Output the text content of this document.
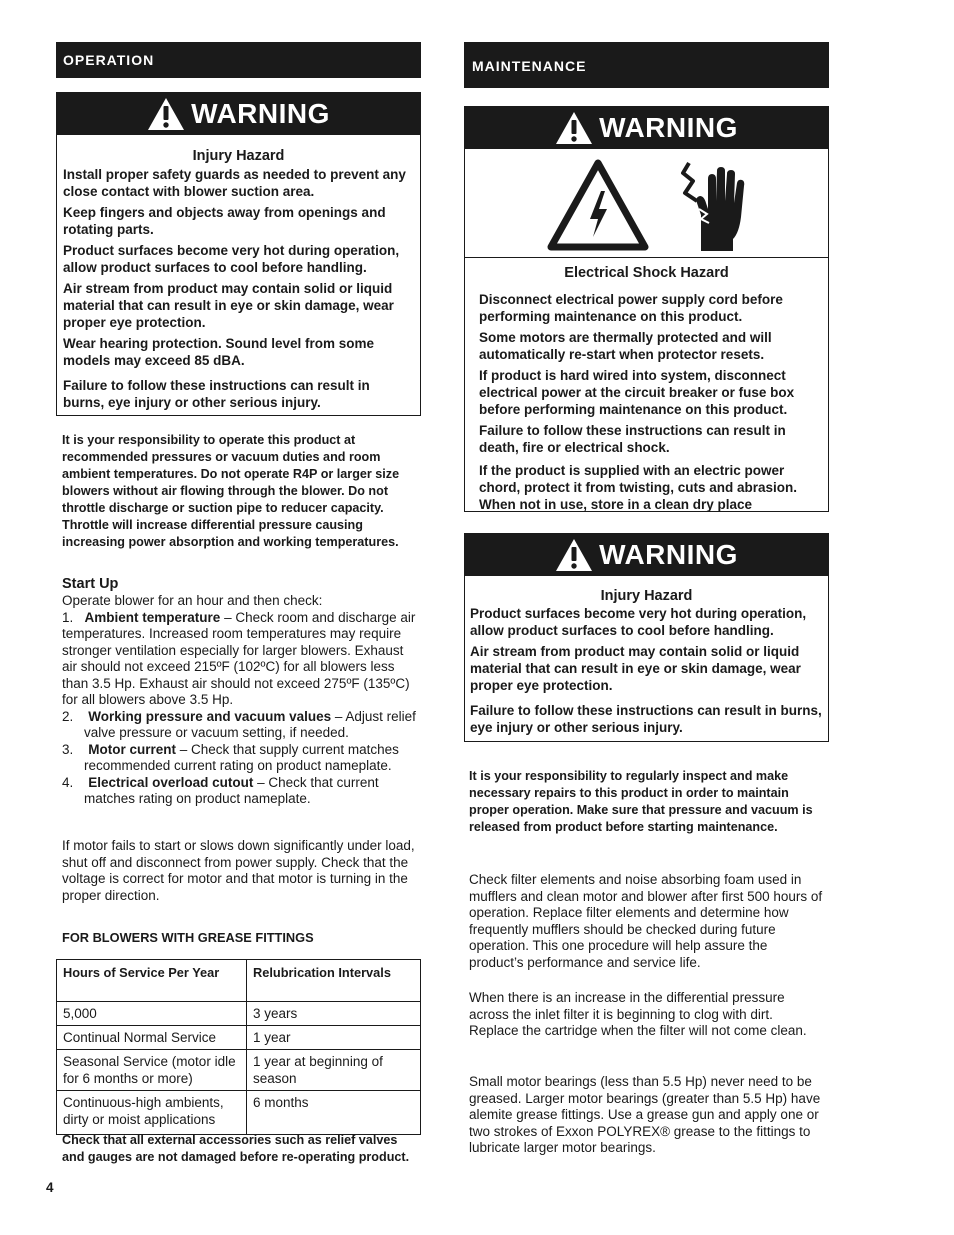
OPERATION
WARNING
Injury Hazard

Install proper safety guards as needed to prevent any close contact with blower suction area.

Keep fingers and objects away from openings and rotating parts.

Product surfaces become very hot during operation, allow product surfaces to cool before handling.

Air stream from product may contain solid or liquid material that can result in eye or skin damage, wear proper eye protection.

Wear hearing protection. Sound level from some models may exceed 85 dBA.

Failure to follow these instructions can result in burns, eye injury or other serious injury.

It is your responsibility to operate this product at recommended pressures or vacuum duties and room ambient temperatures. Do not operate R4P or larger size blowers without air flowing through the blower. Do not throttle discharge or suction pipe to reducer capacity. Throttle will increase differential pressure causing increasing power absorption and working temperatures.
Start Up
Operate blower for an hour and then check:
1. Ambient temperature – Check room and discharge air temperatures. Increased room temperatures may require stronger ventilation especially for larger blowers. Exhaust air should not exceed 215ºF (102ºC) for all blowers less than 3.5 Hp. Exhaust air should not exceed 275ºF (135ºC) for all blowers above 3.5 Hp.
2. Working pressure and vacuum values – Adjust relief valve pressure or vacuum setting, if needed.
3. Motor current – Check that supply current matches recommended current rating on product nameplate.
4. Electrical overload cutout – Check that current matches rating on product nameplate.
If motor fails to start or slows down significantly under load, shut off and disconnect from power supply. Check that the voltage is correct for motor and that motor is turning in the proper direction.
FOR BLOWERS WITH GREASE FITTINGS
Hours of Service Per Year	Relubrication Intervals
5,000	3 years
Continual Normal Service	1 year
Seasonal Service (motor idle for 6 months or more)	1 year at beginning of season
Continuous-high ambients, dirty or moist applications	6 months
Check that all external accessories such as relief valves and gauges are not damaged before re-operating product.
4
MAINTENANCE
WARNING
Electrical Shock Hazard

Disconnect electrical power supply cord before performing maintenance on this product.

Some motors are thermally protected and will automatically re-start when protector resets.

If product is hard wired into system, disconnect electrical power at the circuit breaker or fuse box before performing maintenance on this product.

Failure to follow these instructions can result in death, fire or electrical shock.

If the product is supplied with an electric power chord, protect it from twisting, cuts and abrasion. When not in use, store in a clean dry place

WARNING
Injury Hazard

Product surfaces become very hot during operation, allow product surfaces to cool before handling.

Air stream from product may contain solid or liquid material that can result in eye or skin damage, wear proper eye protection.

Failure to follow these instructions can result in burns, eye injury or other serious injury.

It is your responsibility to regularly inspect and make necessary repairs to this product in order to maintain proper operation. Make sure that pressure and vacuum is released from product before starting maintenance.
Check filter elements and noise absorbing foam used in mufflers and clean motor and blower after first 500 hours of operation. Replace filter elements and determine how frequently mufflers should be checked during future operation. This one procedure will help assure the product’s performance and service life.
When there is an increase in the differential pressure across the inlet filter it is beginning to clog with dirt. Replace the cartridge when the filter will not come clean.
Small motor bearings (less than 5.5 Hp) never need to be greased. Larger motor bearings (greater than 5.5 Hp) have alemite grease fittings. Use a grease gun and apply one or two strokes of Exxon POLYREX® grease to the fittings to lubricate larger motor bearings.
